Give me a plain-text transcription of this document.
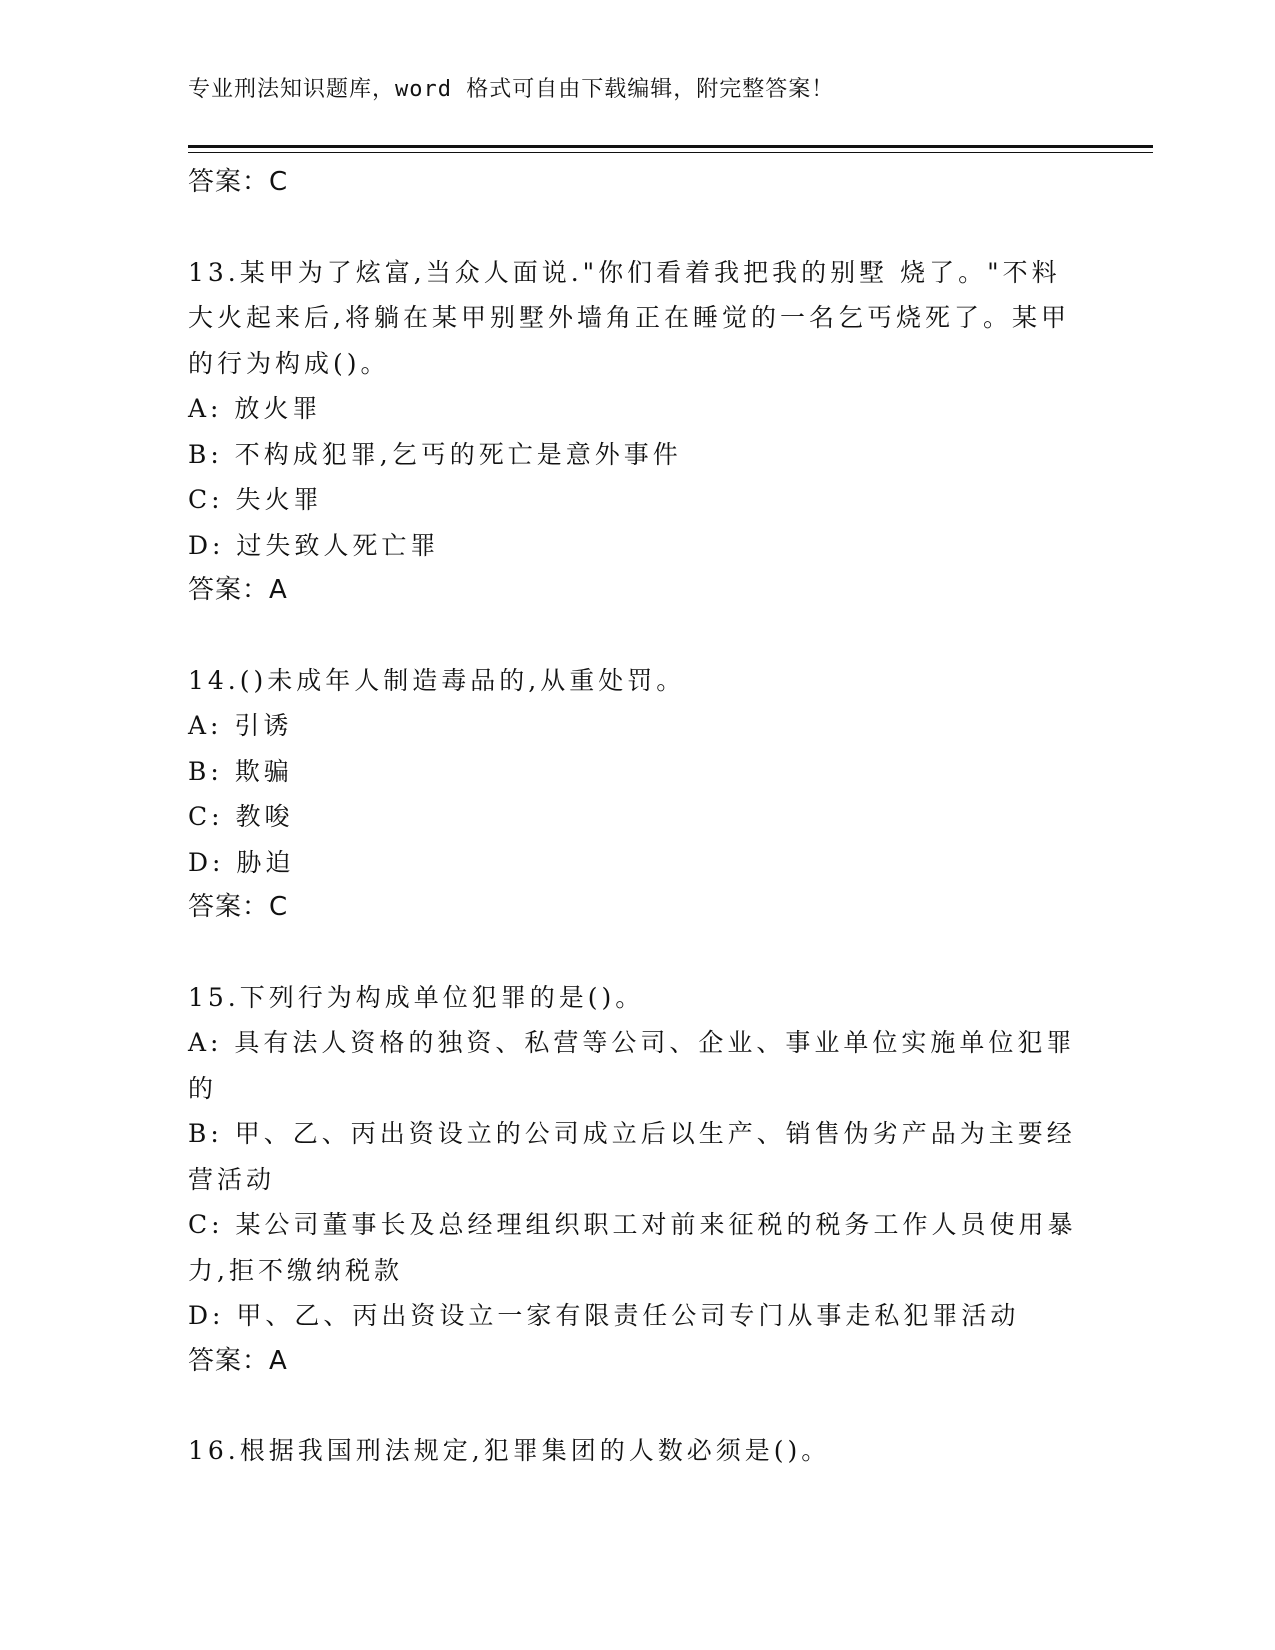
专业刑法知识题库，word 格式可自由下载编辑，附完整答案！
答案：C
13.某甲为了炫富,当众人面说."你们看着我把我的别墅 烧了。"不料
大火起来后,将躺在某甲别墅外墙角正在睡觉的一名乞丐烧死了。某甲
的行为构成()。
A: 放火罪
B: 不构成犯罪,乞丐的死亡是意外事件
C: 失火罪
D: 过失致人死亡罪
答案：A
14.()未成年人制造毒品的,从重处罚。
A: 引诱
B: 欺骗
C: 教唆
D: 胁迫
答案：C
15.下列行为构成单位犯罪的是()。
A: 具有法人资格的独资、私营等公司、企业、事业单位实施单位犯罪
的
B: 甲、乙、丙出资设立的公司成立后以生产、销售伪劣产品为主要经
营活动
C: 某公司董事长及总经理组织职工对前来征税的税务工作人员使用暴
力,拒不缴纳税款
D: 甲、乙、丙出资设立一家有限责任公司专门从事走私犯罪活动
答案：A
16.根据我国刑法规定,犯罪集团的人数必须是()。
